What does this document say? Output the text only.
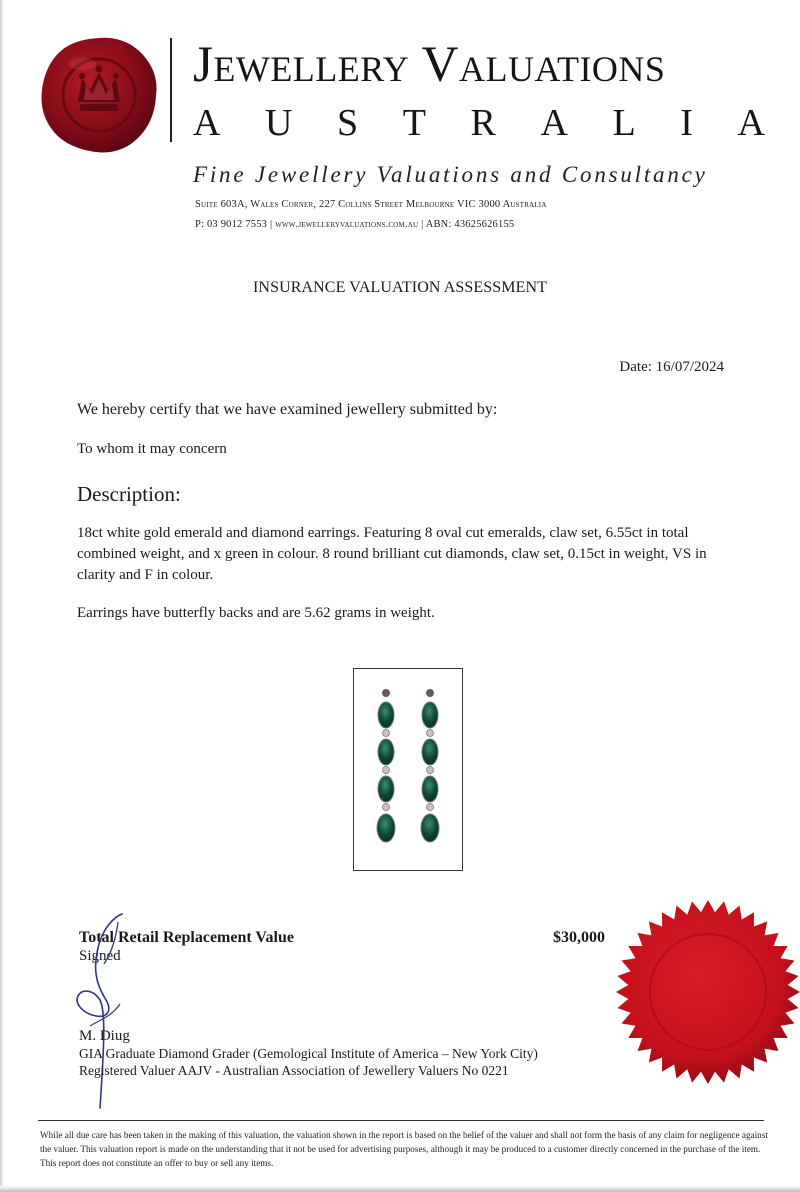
Jewellery Valuations
A U S T R A L I A
Fine Jewellery Valuations and Consultancy
Suite 603A, Wales Corner, 227 Collins Street Melbourne VIC 3000 Australia
P: 03 9012 7553 | www.jewelleryvaluations.com.au | ABN: 43625626155
INSURANCE VALUATION ASSESSMENT
Date: 16/07/2024
We hereby certify that we have examined jewellery submitted by:
To whom it may concern
Description:
18ct white gold emerald and diamond earrings. Featuring 8 oval cut emeralds, claw set, 6.55ct in total combined weight, and x green in colour. 8 round brilliant cut diamonds, claw set, 0.15ct in weight, VS in clarity and F in colour.
Earrings have butterfly backs and are 5.62 grams in weight.
Total Retail Replacement Value	$30,000
Signed
M. Diug
GIA Graduate Diamond Grader (Gemological Institute of America – New York City)
Registered Valuer AAJV - Australian Association of Jewellery Valuers No 0221
While all due care has been taken in the making of this valuation, the valuation shown in the report is based on the belief of the valuer and shall not form the basis of any claim for negligence against the valuer. This valuation report is made on the understanding that it not be used for advertising purposes, although it may be produced to a customer directly concerned in the purchase of the item. This report does not constitute an offer to buy or sell any items.
